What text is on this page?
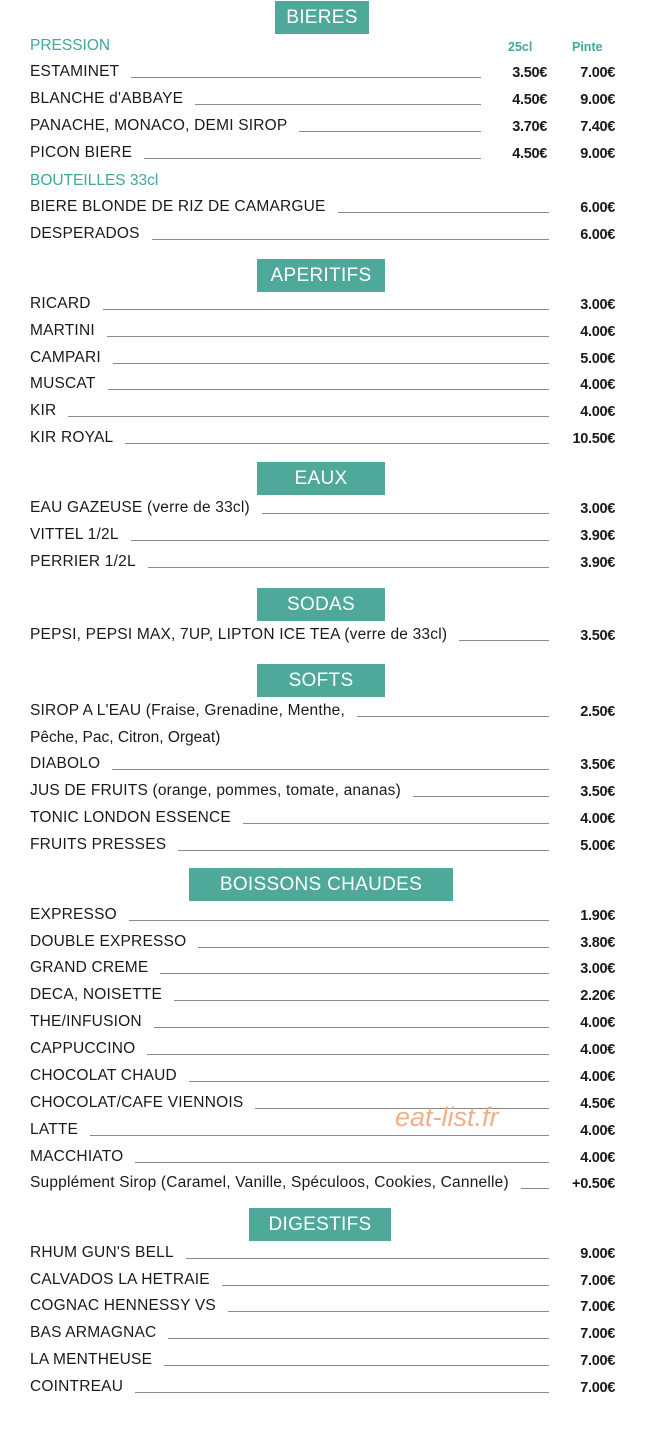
BIERES
PRESSION	25cl	Pinte
ESTAMINET	3.50€	7.00€
BLANCHE d'ABBAYE	4.50€	9.00€
PANACHE, MONACO, DEMI SIROP	3.70€	7.40€
PICON BIERE	4.50€	9.00€
BOUTEILLES 33cl
BIERE BLONDE DE RIZ DE CAMARGUE	6.00€
DESPERADOS	6.00€
APERITIFS
RICARD	3.00€
MARTINI	4.00€
CAMPARI	5.00€
MUSCAT	4.00€
KIR	4.00€
KIR ROYAL	10.50€
EAUX
EAU GAZEUSE (verre de 33cl)	3.00€
VITTEL 1/2L	3.90€
PERRIER 1/2L	3.90€
SODAS
PEPSI, PEPSI MAX, 7UP, LIPTON ICE TEA (verre de 33cl)	3.50€
SOFTS
SIROP A L'EAU (Fraise, Grenadine, Menthe,	2.50€
Pêche, Pac, Citron, Orgeat)
DIABOLO	3.50€
JUS DE FRUITS (orange, pommes, tomate, ananas)	3.50€
TONIC LONDON ESSENCE	4.00€
FRUITS PRESSES	5.00€
BOISSONS CHAUDES
EXPRESSO	1.90€
DOUBLE EXPRESSO	3.80€
GRAND CREME	3.00€
DECA, NOISETTE	2.20€
THE/INFUSION	4.00€
CAPPUCCINO	4.00€
CHOCOLAT CHAUD	4.00€
CHOCOLAT/CAFE VIENNOIS	4.50€
LATTE	4.00€
MACCHIATO	4.00€
Supplément Sirop (Caramel, Vanille, Spéculoos, Cookies, Cannelle)	+0.50€
DIGESTIFS
RHUM GUN'S BELL	9.00€
CALVADOS LA HETRAIE	7.00€
COGNAC HENNESSY VS	7.00€
BAS ARMAGNAC	7.00€
LA MENTHEUSE	7.00€
COINTREAU	7.00€
eat-list.fr
